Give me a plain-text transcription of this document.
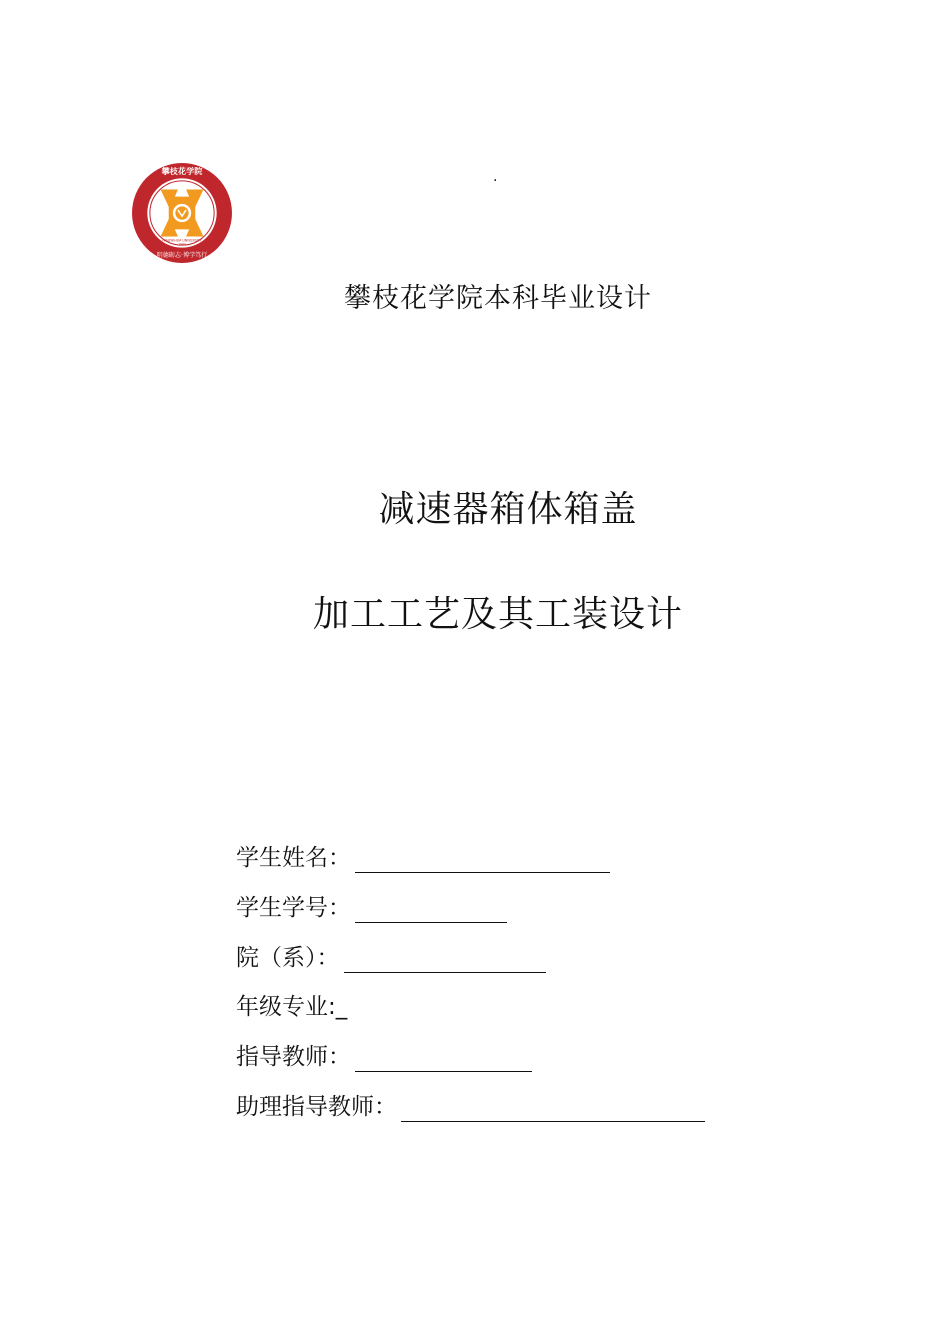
.
攀枝花学院
PANZHIHUA UNIVERSITY
1983
明德砺志·博学笃行
攀枝花学院本科毕业设计
减速器箱体箱盖
加工工艺及其工装设计
学生姓名：
学生学号：
院（系）：
年级专业:_
指导教师：
助理指导教师：
